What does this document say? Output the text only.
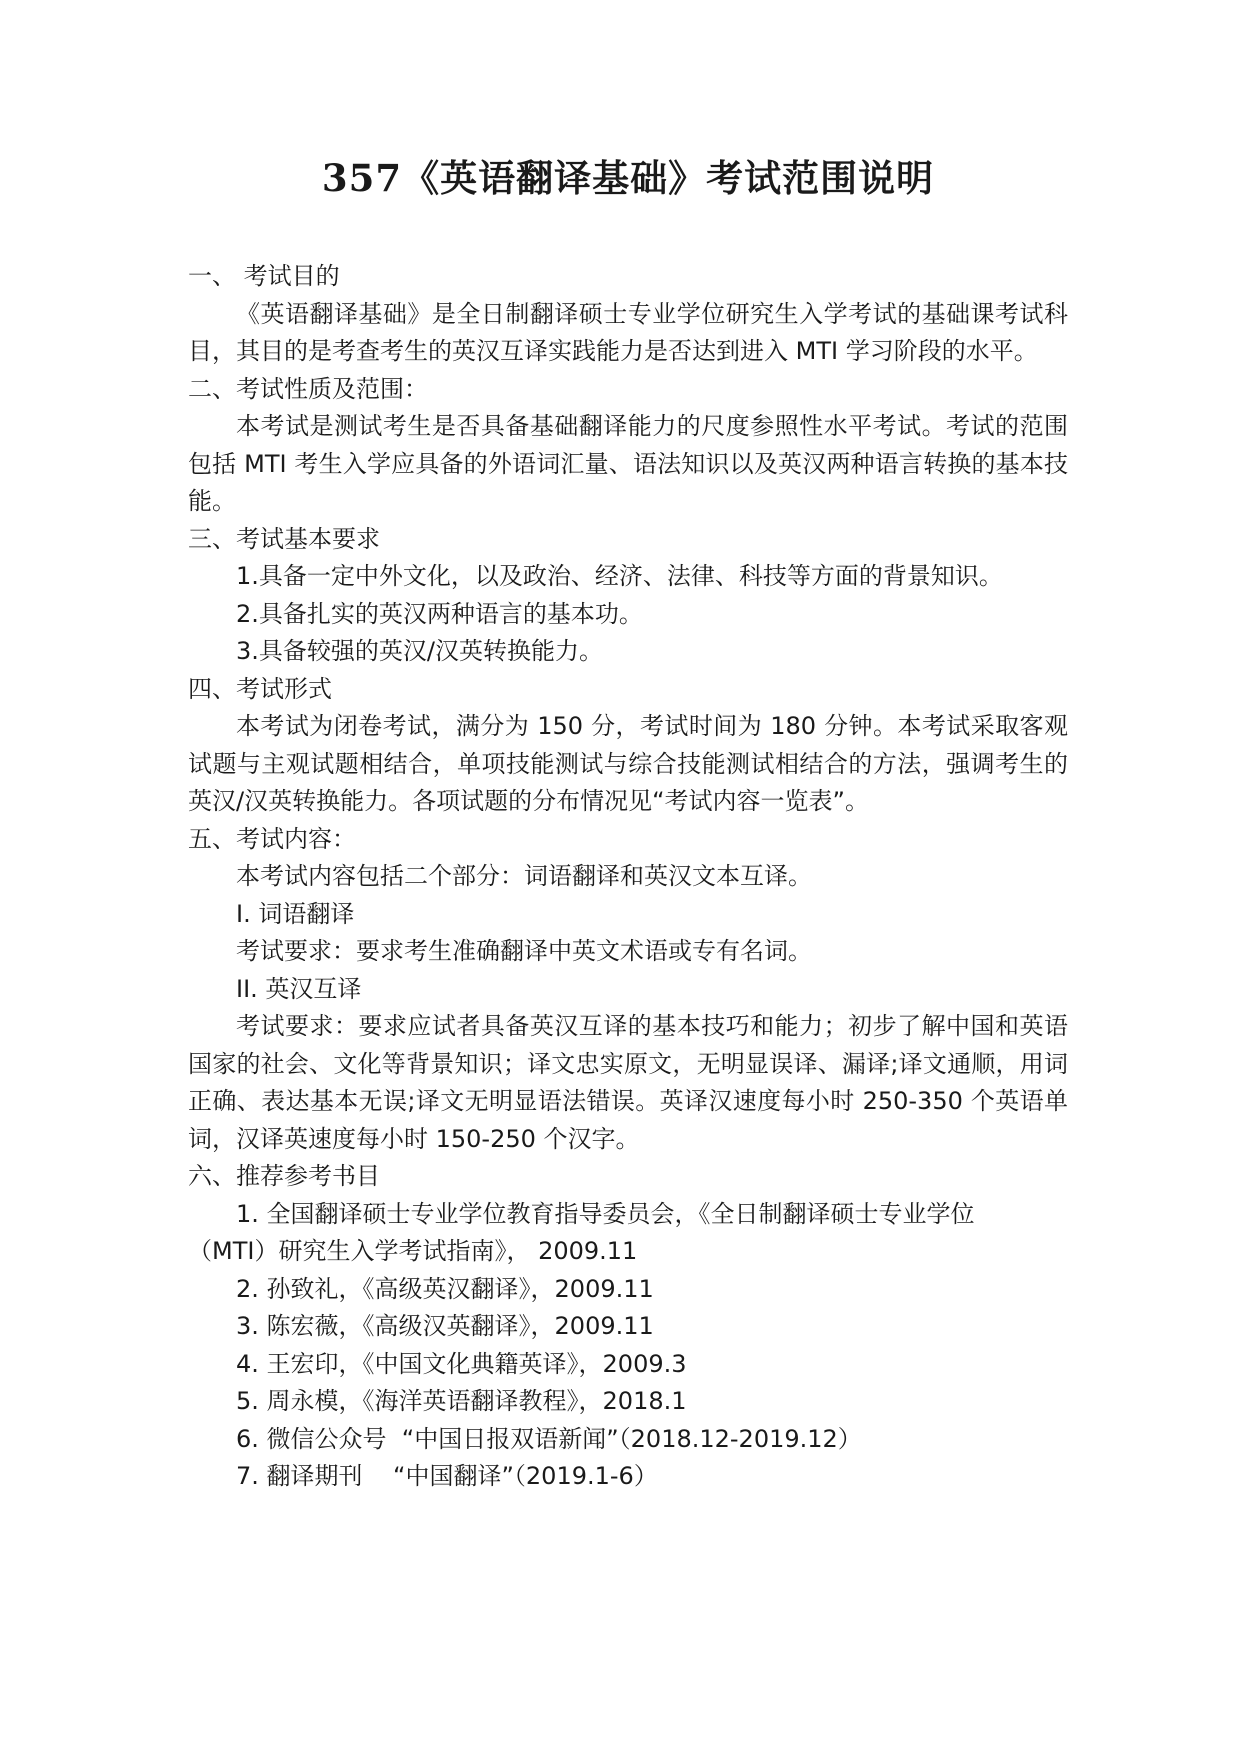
357《英语翻译基础》考试范围说明

一、 考试目的

《英语翻译基础》是全日制翻译硕士专业学位研究生入学考试的基础课考试科目，其目的是考查考生的英汉互译实践能力是否达到进入 MTI 学习阶段的水平。

二、考试性质及范围：

本考试是测试考生是否具备基础翻译能力的尺度参照性水平考试。考试的范围包括 MTI 考生入学应具备的外语词汇量、语法知识以及英汉两种语言转换的基本技能。

三、考试基本要求

1.具备一定中外文化，以及政治、经济、法律、科技等方面的背景知识。

2.具备扎实的英汉两种语言的基本功。

3.具备较强的英汉/汉英转换能力。

四、考试形式

本考试为闭卷考试，满分为 150 分，考试时间为 180 分钟。本考试采取客观试题与主观试题相结合，单项技能测试与综合技能测试相结合的方法，强调考生的英汉/汉英转换能力。各项试题的分布情况见“考试内容一览表”。

五、考试内容：

本考试内容包括二个部分：词语翻译和英汉文本互译。

I. 词语翻译

考试要求：要求考生准确翻译中英文术语或专有名词。

II. 英汉互译

考试要求：要求应试者具备英汉互译的基本技巧和能力；初步了解中国和英语国家的社会、文化等背景知识；译文忠实原文，无明显误译、漏译;译文通顺，用词正确、表达基本无误;译文无明显语法错误。英译汉速度每小时 250-350 个英语单词，汉译英速度每小时 150-250 个汉字。

六、推荐参考书目

1. 全国翻译硕士专业学位教育指导委员会，《全日制翻译硕士专业学位

（MTI）研究生入学考试指南》， 2009.11

2. 孙致礼，《高级英汉翻译》，2009.11

3. 陈宏薇，《高级汉英翻译》，2009.11

4. 王宏印，《中国文化典籍英译》，2009.3

5. 周永模，《海洋英语翻译教程》，2018.1

6. 微信公众号  “中国日报双语新闻”（2018.12-2019.12）

7. 翻译期刊    “中国翻译”（2019.1-6）
